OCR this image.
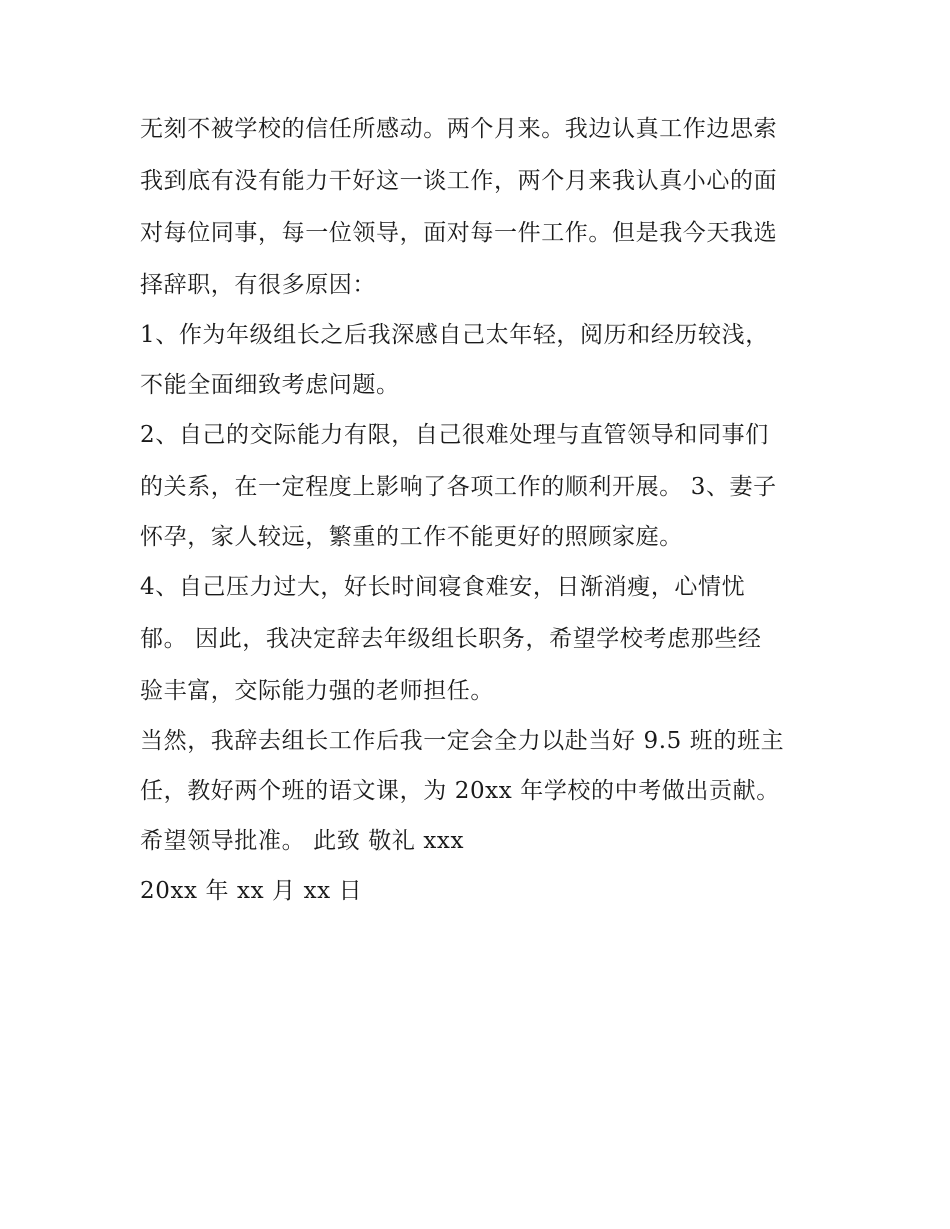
无刻不被学校的信任所感动。两个月来。我边认真工作边思索
我到底有没有能力干好这一谈工作，两个月来我认真小心的面
对每位同事，每一位领导，面对每一件工作。但是我今天我选
择辞职，有很多原因：
1、作为年级组长之后我深感自己太年轻，阅历和经历较浅，
不能全面细致考虑问题。
2、自己的交际能力有限，自己很难处理与直管领导和同事们
的关系，在一定程度上影响了各项工作的顺利开展。 3、妻子
怀孕，家人较远，繁重的工作不能更好的照顾家庭。
4、自己压力过大，好长时间寝食难安，日渐消瘦，心情忧
郁。 因此，我决定辞去年级组长职务，希望学校考虑那些经
验丰富，交际能力强的老师担任。
当然，我辞去组长工作后我一定会全力以赴当好 9.5 班的班主
任，教好两个班的语文课，为 20xx 年学校的中考做出贡献。
希望领导批准。 此致 敬礼 xxx
20xx 年 xx 月 xx 日
